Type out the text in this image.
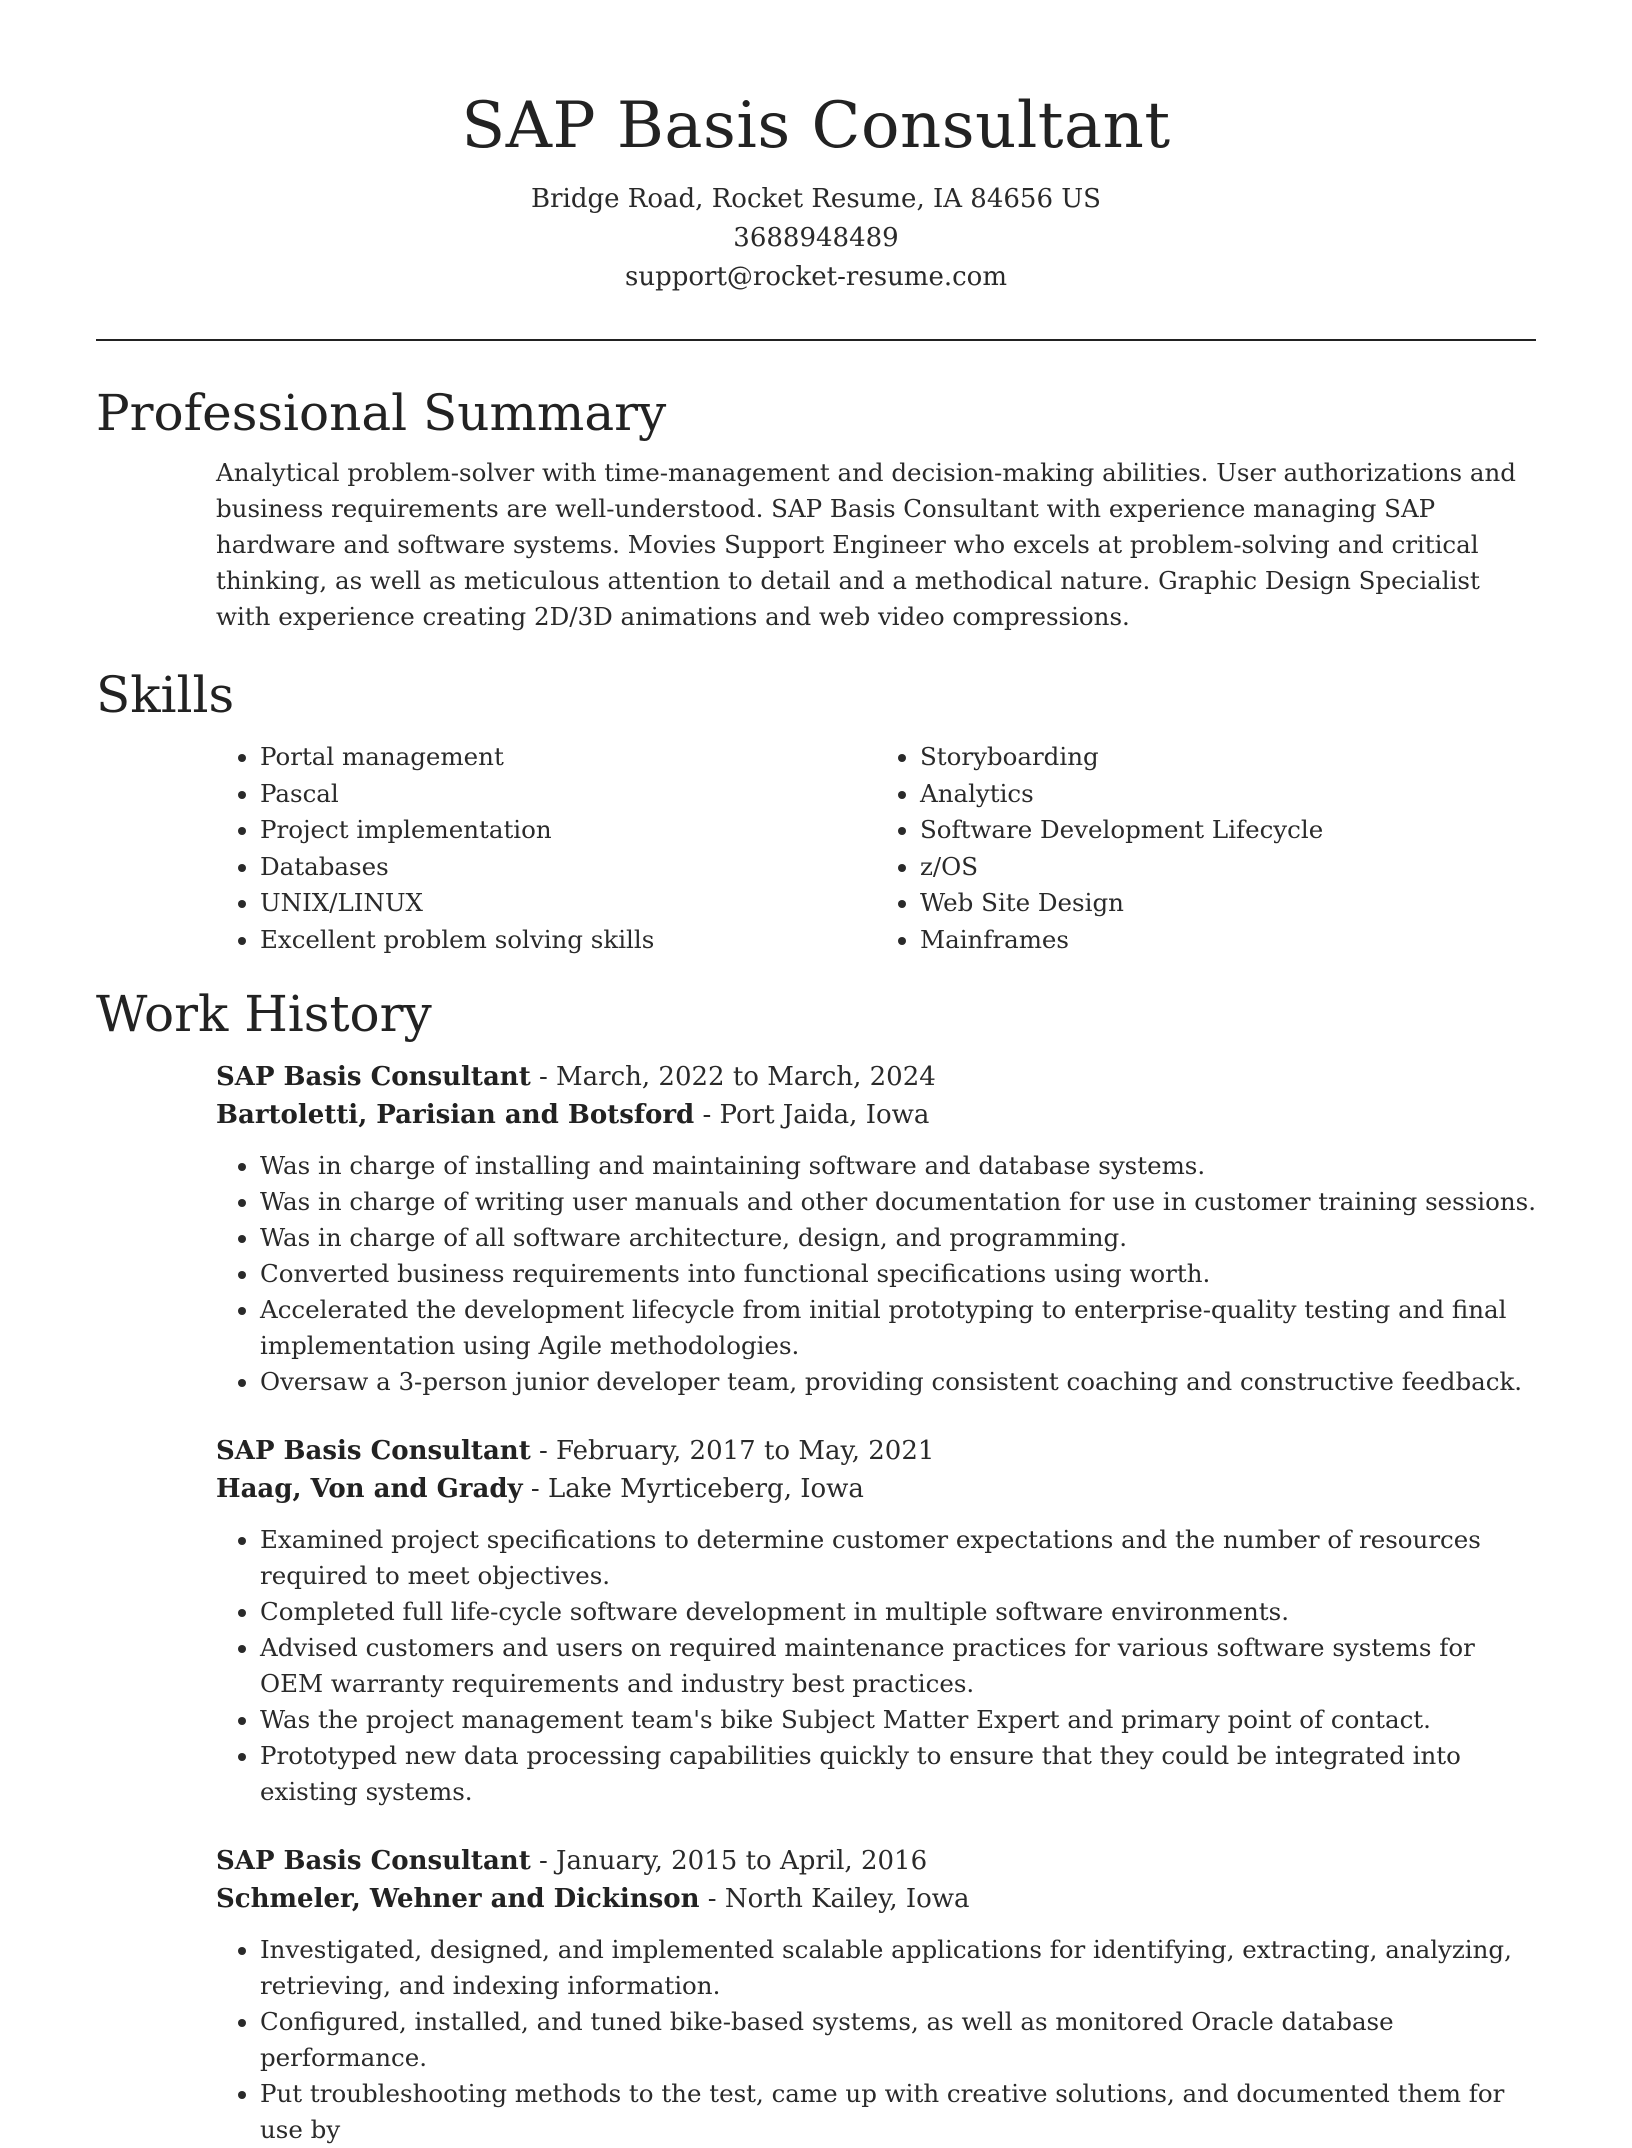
SAP Basis Consultant
Bridge Road, Rocket Resume, IA 84656 US
3688948489
support@rocket-resume.com
Professional Summary

Analytical problem-solver with time-management and decision-making abilities. User authorizations and business requirements are well-understood. SAP Basis Consultant with experience managing SAP hardware and software systems. Movies Support Engineer who excels at problem-solving and critical thinking, as well as meticulous attention to detail and a methodical nature. Graphic Design Specialist with experience creating 2D/3D animations and web video compressions.

Skills
• Portal management
• Pascal
• Project implementation
• Databases
• UNIX/LINUX
• Excellent problem solving skills
• Storyboarding
• Analytics
• Software Development Lifecycle
• z/OS
• Web Site Design
• Mainframes
Work History
SAP Basis Consultant - March, 2022 to March, 2024
Bartoletti, Parisian and Botsford - Port Jaida, Iowa
• Was in charge of installing and maintaining software and database systems.
• Was in charge of writing user manuals and other documentation for use in customer training sessions.
• Was in charge of all software architecture, design, and programming.
• Converted business requirements into functional specifications using worth.
• Accelerated the development lifecycle from initial prototyping to enterprise-quality testing and final implementation using Agile methodologies.
• Oversaw a 3-person junior developer team, providing consistent coaching and constructive feedback.
SAP Basis Consultant - February, 2017 to May, 2021
Haag, Von and Grady - Lake Myrticeberg, Iowa
• Examined project specifications to determine customer expectations and the number of resources required to meet objectives.
• Completed full life-cycle software development in multiple software environments.
• Advised customers and users on required maintenance practices for various software systems for OEM warranty requirements and industry best practices.
• Was the project management team's bike Subject Matter Expert and primary point of contact.
• Prototyped new data processing capabilities quickly to ensure that they could be integrated into existing systems.
SAP Basis Consultant - January, 2015 to April, 2016
Schmeler, Wehner and Dickinson - North Kailey, Iowa
• Investigated, designed, and implemented scalable applications for identifying, extracting, analyzing, retrieving, and indexing information.
• Configured, installed, and tuned bike-based systems, as well as monitored Oracle database performance.
• Put troubleshooting methods to the test, came up with creative solutions, and documented them for use by
